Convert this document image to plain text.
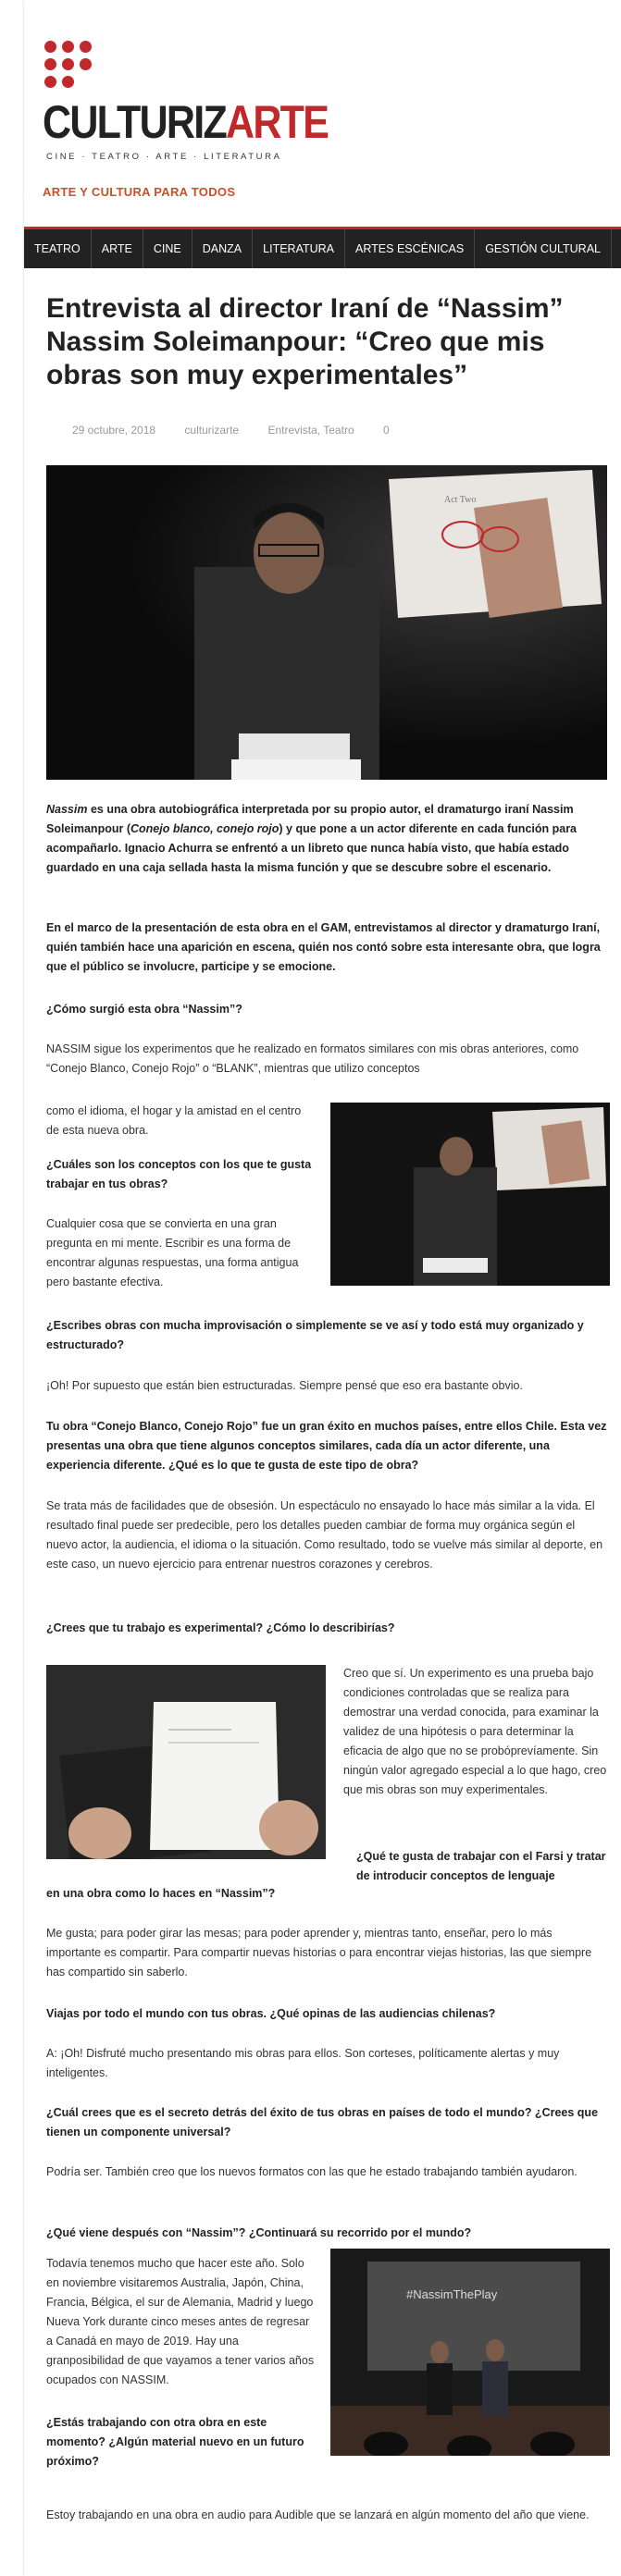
CULTURIZARTE
CINE · TEATRO · ARTE · LITERATURA
ARTE Y CULTURA PARA TODOS
TEATRO ARTE CINE DANZA LITERATURA ARTES ESCÉNICAS GESTIÓN CULTURAL
Entrevista al director Iraní de “Nassim” Nassim Soleimanpour: “Creo que mis obras son muy experimentales”
29 octubre, 2018	culturizarte	Entrevista, Teatro	0
Act Two

Nassim es una obra autobiográfica interpretada por su propio autor, el dramaturgo iraní Nassim Soleimanpour (Conejo blanco, conejo rojo) y que pone a un actor diferente en cada función para acompañarlo. Ignacio Achurra se enfrentó a un libreto que nunca había visto, que había estado guardado en una caja sellada hasta la misma función y que se descubre sobre el escenario.

En el marco de la presentación de esta obra en el GAM, entrevistamos al director y dramaturgo Iraní, quién también hace una aparición en escena, quién nos contó sobre esta interesante obra, que logra que el público se involucre, participe y se emocione.

¿Cómo surgió esta obra “Nassim”?

NASSIM sigue los experimentos que he realizado en formatos similares con mis obras anteriores, como “Conejo Blanco, Conejo Rojo” o “BLANK”, mientras que utilizo conceptos

como el idioma, el hogar y la amistad en el centro de esta nueva obra.

¿Cuáles son los conceptos con los que te gusta trabajar en tus obras?

Cualquier cosa que se convierta en una gran pregunta en mi mente. Escribir es una forma de encontrar algunas respuestas, una forma antigua pero bastante efectiva.

¿Escribes obras con mucha improvisación o simplemente se ve así y todo está muy organizado y estructurado?

¡Oh! Por supuesto que están bien estructuradas. Siempre pensé que eso era bastante obvio.

Tu obra “Conejo Blanco, Conejo Rojo” fue un gran éxito en muchos países, entre ellos Chile. Esta vez presentas una obra que tiene algunos conceptos similares, cada día un actor diferente, una experiencia diferente. ¿Qué es lo que te gusta de este tipo de obra?

Se trata más de facilidades que de obsesión. Un espectáculo no ensayado lo hace más similar a la vida. El resultado final puede ser predecible, pero los detalles pueden cambiar de forma muy orgánica según el nuevo actor, la audiencia, el idioma o la situación. Como resultado, todo se vuelve más similar al deporte, en este caso, un nuevo ejercicio para entrenar nuestros corazones y cerebros.

¿Crees que tu trabajo es experimental? ¿Cómo lo describirías?

Creo que sí. Un experimento es una prueba bajo condiciones controladas que se realiza para demostrar una verdad conocida, para examinar la validez de una hipótesis o para determinar la eficacia de algo que no se probóprevíamente. Sin ningún valor agregado especial a lo que hago, creo que mis obras son muy experimentales.

¿Qué te gusta de trabajar con el Farsi y tratar de introducir conceptos de lenguaje

en una obra como lo haces en “Nassim”?

Me gusta; para poder girar las mesas; para poder aprender y, mientras tanto, enseñar, pero lo más importante es compartir. Para compartir nuevas historias o para encontrar viejas historias, las que siempre has compartido sin saberlo.

Viajas por todo el mundo con tus obras. ¿Qué opinas de las audiencias chilenas?

A: ¡Oh! Disfruté mucho presentando mis obras para ellos. Son corteses, políticamente alertas y muy inteligentes.

¿Cuál crees que es el secreto detrás del éxito de tus obras en países de todo el mundo? ¿Crees que tienen un componente universal?

Podría ser. También creo que los nuevos formatos con las que he estado trabajando también ayudaron.

¿Qué viene después con “Nassim”? ¿Continuará su recorrido por el mundo?

#NassimThePlay

Todavía tenemos mucho que hacer este año. Solo en noviembre visitaremos Australia, Japón, China, Francia, Bélgica, el sur de Alemania, Madrid y luego Nueva York durante cinco meses antes de regresar a Canadá en mayo de 2019. Hay una granposibilidad de que vayamos a tener varios años ocupados con NASSIM.

¿Estás trabajando con otra obra en este momento? ¿Algún material nuevo en un futuro próximo?

Estoy trabajando en una obra en audio para Audible que se lanzará en algún momento del año que viene.
